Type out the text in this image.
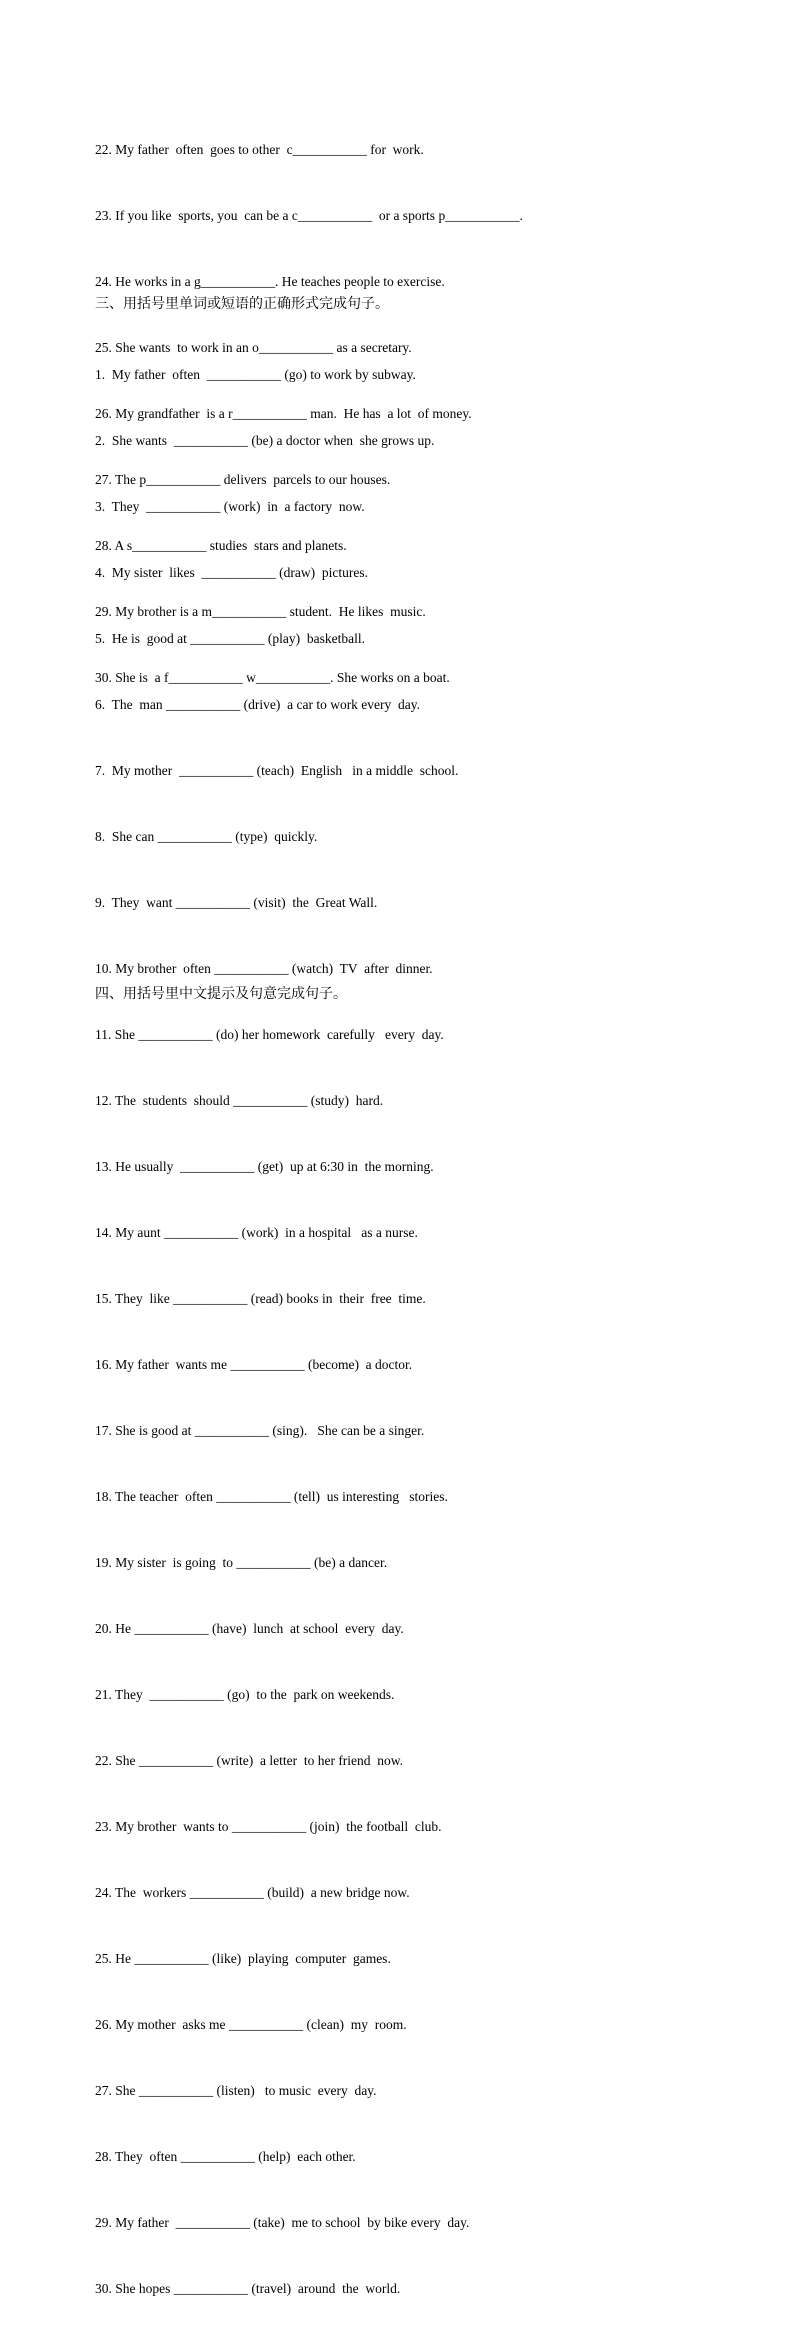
22. My father  often  goes to other  c___________ for  work.

23. If you like  sports, you  can be a c___________  or a sports p___________.

24. He works in a g___________. He teaches people to exercise.

25. She wants  to work in an o___________ as a secretary.

26. My grandfather  is a r___________ man.  He has  a lot  of money.

27. The p___________ delivers  parcels to our houses.

28. A s___________ studies  stars and planets.

29. My brother is a m___________ student.  He likes  music.

30. She is  a f___________ w___________. She works on a boat.

三、用括号里单词或短语的正确形式完成句子。

1.  My father  often  ___________ (go) to work by subway.

2.  She wants  ___________ (be) a doctor when  she grows up.

3.  They  ___________ (work)  in  a factory  now.

4.  My sister  likes  ___________ (draw)  pictures.

5.  He is  good at ___________ (play)  basketball.

6.  The  man ___________ (drive)  a car to work every  day.

7.  My mother  ___________ (teach)  English   in a middle  school.

8.  She can ___________ (type)  quickly.

9.  They  want ___________ (visit)  the  Great Wall.

10. My brother  often ___________ (watch)  TV  after  dinner.

11. She ___________ (do) her homework  carefully   every  day.

12. The  students  should ___________ (study)  hard.

13. He usually  ___________ (get)  up at 6:30 in  the morning.

14. My aunt ___________ (work)  in a hospital   as a nurse.

15. They  like ___________ (read) books in  their  free  time.

16. My father  wants me ___________ (become)  a doctor.

17. She is good at ___________ (sing).   She can be a singer.

18. The teacher  often ___________ (tell)  us interesting   stories.

19. My sister  is going  to ___________ (be) a dancer.

20. He ___________ (have)  lunch  at school  every  day.

21. They  ___________ (go)  to the  park on weekends.

22. She ___________ (write)  a letter  to her friend  now.

23. My brother  wants to ___________ (join)  the football  club.

24. The  workers ___________ (build)  a new bridge now.

25. He ___________ (like)  playing  computer  games.

26. My mother  asks me ___________ (clean)  my  room.

27. She ___________ (listen)   to music  every  day.

28. They  often ___________ (help)  each other.

29. My father  ___________ (take)  me to school  by bike every  day.

30. She hopes ___________ (travel)  around  the  world.

四、用括号里中文提示及句意完成句子。
